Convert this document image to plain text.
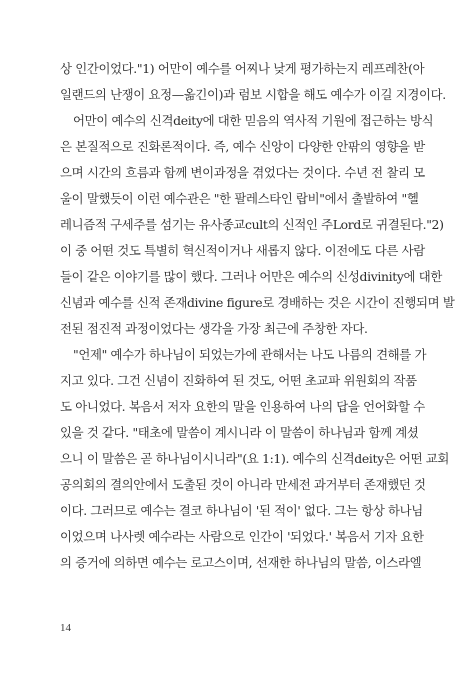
상 인간이었다."1) 어만이 예수를 어찌나 낮게 평가하는지 레프레찬(아
일랜드의 난쟁이 요정—옮긴이)과 럼보 시합을 해도 예수가 이길 지경이다.
어만이 예수의 신격deity에 대한 믿음의 역사적 기원에 접근하는 방식
은 본질적으로 진화론적이다. 즉, 예수 신앙이 다양한 안팎의 영향을 받
으며 시간의 흐름과 함께 변이과정을 겪었다는 것이다. 수년 전 찰리 모
울이 말했듯이 이런 예수관은 "한 팔레스타인 랍비"에서 출발하여 "헬
레니즘적 구세주를 섬기는 유사종교cult의 신적인 주Lord로 귀결된다."2)
이 중 어떤 것도 특별히 혁신적이거나 새롭지 않다. 이전에도 다른 사람
들이 같은 이야기를 많이 했다. 그러나 어만은 예수의 신성divinity에 대한
신념과 예수를 신적 존재divine figure로 경배하는 것은 시간이 진행되며 발
전된 점진적 과정이었다는 생각을 가장 최근에 주창한 자다.
"언제" 예수가 하나님이 되었는가에 관해서는 나도 나름의 견해를 가
지고 있다. 그건 신념이 진화하여 된 것도, 어떤 초교파 위원회의 작품
도 아니었다. 복음서 저자 요한의 말을 인용하여 나의 답을 언어화할 수
있을 것 같다. "태초에 말씀이 계시니라 이 말씀이 하나님과 함께 계셨
으니 이 말씀은 곧 하나님이시니라"(요 1:1). 예수의 신격deity은 어떤 교회
공의회의 결의안에서 도출된 것이 아니라 만세전 과거부터 존재했던 것
이다. 그러므로 예수는 결코 하나님이 '된 적이' 없다. 그는 항상 하나님
이었으며 나사렛 예수라는 사람으로 인간이 '되었다.' 복음서 기자 요한
의 증거에 의하면 예수는 로고스이며, 선재한 하나님의 말씀, 이스라엘
14
